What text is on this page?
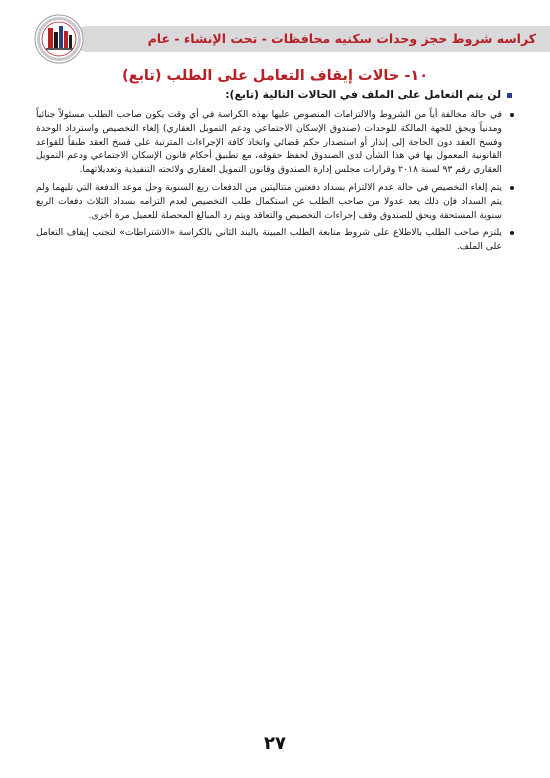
كراسه شروط حجز وحدات سكنيه محافظات - تحت الإنشاء - عام
١٠- حالات إيقاف التعامل على الطلب (تابع)
لن يتم التعامل على الملف في الحالات التالية (تابع):
في حالة مخالفة أياً من الشروط والالتزامات المنصوص عليها بهذه الكراسة في أي وقت يكون صاحب الطلب مسئولاً جنائياً ومدنياً ويحق للجهة المالكة للوحدات (صندوق الإسكان الاجتماعي ودعم التمويل العقاري) إلغاء التخصيص واسترداد الوحدة وفسخ العقد دون الحاجة إلى إنذار أو استصدار حكم قضائي واتخاذ كافة الإجراءات المترتبة على فسخ العقد طبقاً للقواعد القانونية المعمول بها في هذا الشأن لدى الصندوق لحفظ حقوقه، مع تطبيق أحكام قانون الإسكان الاجتماعي ودعم التمويل العقاري رقم ٩٣ لسنة ٢٠١٨ وقرارات مجلس إدارة الصندوق وقانون التمويل العقاري ولائحته التنفيذية وتعديلاتهما.
يتم إلغاء التخصيص في حالة عدم الالتزام بسداد دفعتين متتاليتين من الدفعات ربع السنوية وحل موعد الدفعة التي تليهما ولم يتم السداد فإن ذلك يعد عدولا من صاحب الطلب عن استكمال طلب التخصيص لعدم التزامه بسداد الثلاث دفعات الربع سنوية المستحقة ويحق للصندوق وقف إجراءات التخصيص والتعاقد ويتم رد المبالغ المحصلة للعميل مرة أخرى.
يلتزم صاحب الطلب بالاطلاع على شروط متابعة الطلب المبينة بالبند الثاني بالكراسة «الاشتراطات» لتجنب إيقاف التعامل على الملف.
٢٧
